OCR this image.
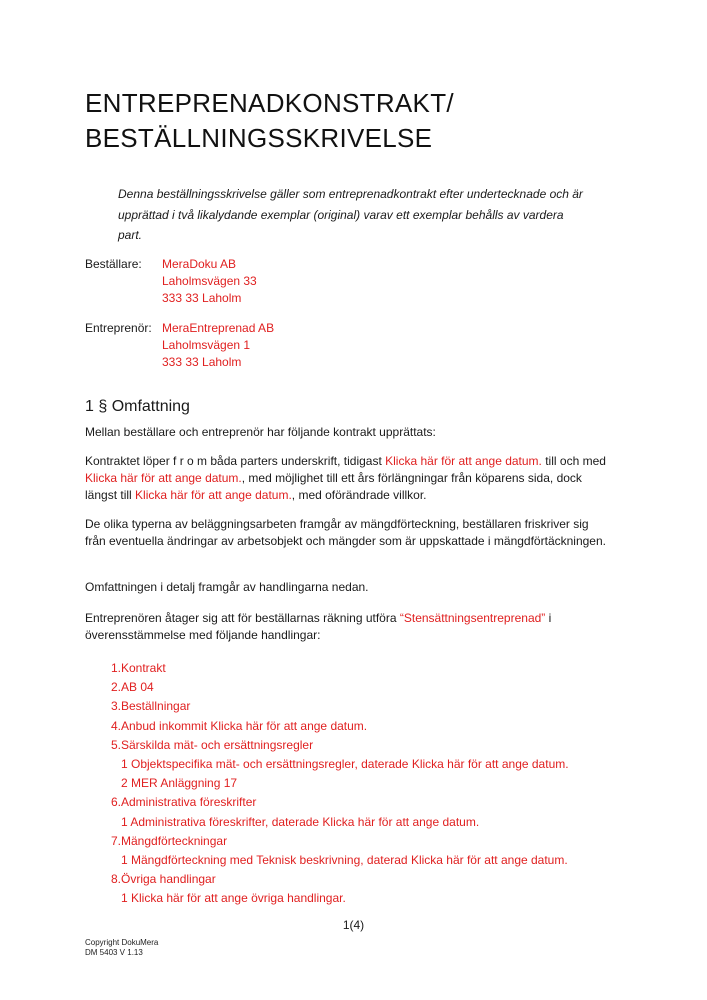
ENTREPRENADKONSTRAKT/
BESTÄLLNINGSSKRIVELSE

Denna beställningsskrivelse gäller som entreprenadkontrakt efter undertecknade och är upprättad i två likalydande exemplar (original) varav ett exemplar behålls av vardera part.

Beställare: MeraDoku AB
Laholmsvägen 33
333 33 Laholm
Entreprenör: MeraEntreprenad AB
Laholmsvägen 1
333 33 Laholm
1 § Omfattning

Mellan beställare och entreprenör har följande kontrakt upprättats:

Kontraktet löper f r o m båda parters underskrift, tidigast Klicka här för att ange datum. till och med Klicka här för att ange datum., med möjlighet till ett års förlängningar från köparens sida, dock längst till Klicka här för att ange datum., med oförändrade villkor.

De olika typerna av beläggningsarbeten framgår av mängdförteckning, beställaren friskriver sig från eventuella ändringar av arbetsobjekt och mängder som är uppskattade i mängdförtäckningen.

Omfattningen i detalj framgår av handlingarna nedan.

Entreprenören åtager sig att för beställarnas räkning utföra “Stensättningsentreprenad” i överensstämmelse med följande handlingar:

1. Kontrakt
2. AB 04
3. Beställningar
4. Anbud inkommit Klicka här för att ange datum.
5. Särskilda mät- och ersättningsregler
1 Objektspecifika mät- och ersättningsregler, daterade Klicka här för att ange datum.
2 MER Anläggning 17
6. Administrativa föreskrifter
1 Administrativa föreskrifter, daterade Klicka här för att ange datum.
7. Mängdförteckningar
1 Mängdförteckning med Teknisk beskrivning, daterad Klicka här för att ange datum.
8. Övriga handlingar
1 Klicka här för att ange övriga handlingar.
1(4)
Copyright DokuMera
DM 5403 V 1.13
